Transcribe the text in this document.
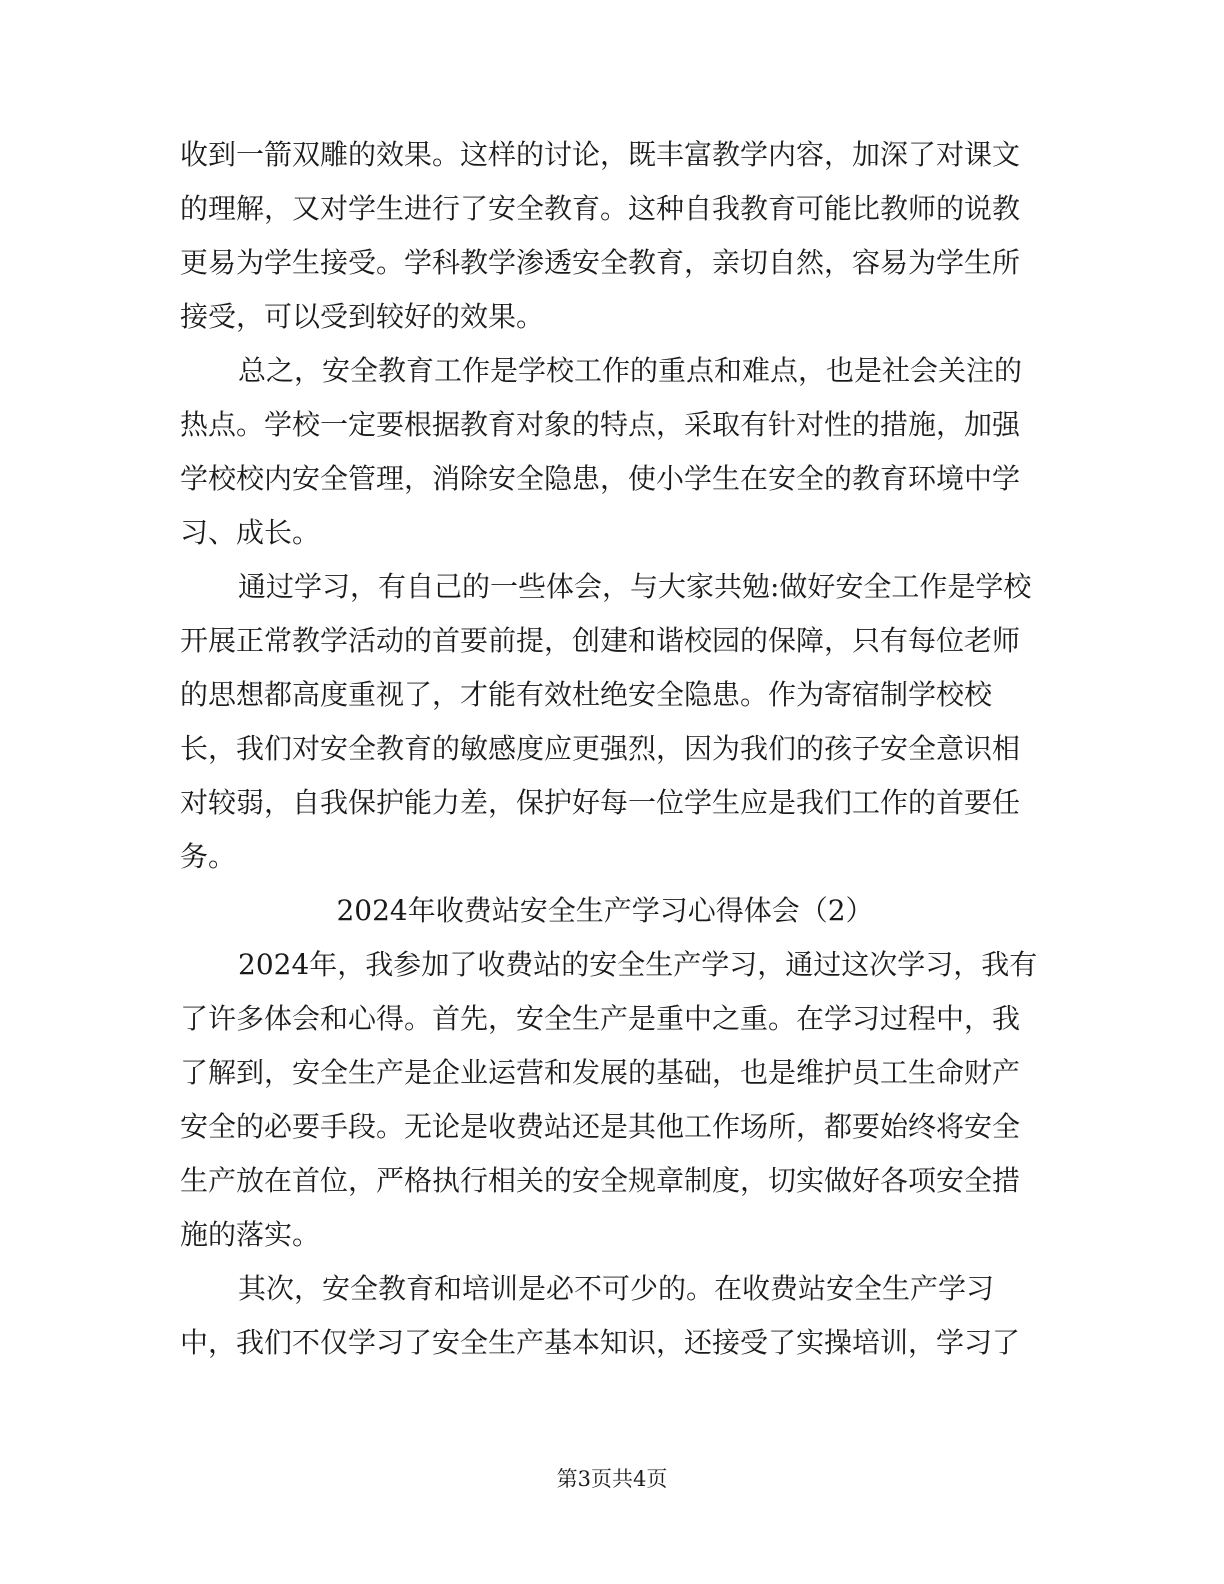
收到一箭双雕的效果。这样的讨论，既丰富教学内容，加深了对课文
的理解，又对学生进行了安全教育。这种自我教育可能比教师的说教
更易为学生接受。学科教学渗透安全教育，亲切自然，容易为学生所
接受，可以受到较好的效果。
总之，安全教育工作是学校工作的重点和难点，也是社会关注的
热点。学校一定要根据教育对象的特点，采取有针对性的措施，加强
学校校内安全管理，消除安全隐患，使小学生在安全的教育环境中学
习、成长。
通过学习，有自己的一些体会，与大家共勉:做好安全工作是学校
开展正常教学活动的首要前提，创建和谐校园的保障，只有每位老师
的思想都高度重视了，才能有效杜绝安全隐患。作为寄宿制学校校
长，我们对安全教育的敏感度应更强烈，因为我们的孩子安全意识相
对较弱，自我保护能力差，保护好每一位学生应是我们工作的首要任
务。
2024年收费站安全生产学习心得体会（2）
2024年，我参加了收费站的安全生产学习，通过这次学习，我有
了许多体会和心得。首先，安全生产是重中之重。在学习过程中，我
了解到，安全生产是企业运营和发展的基础，也是维护员工生命财产
安全的必要手段。无论是收费站还是其他工作场所，都要始终将安全
生产放在首位，严格执行相关的安全规章制度，切实做好各项安全措
施的落实。
其次，安全教育和培训是必不可少的。在收费站安全生产学习
中，我们不仅学习了安全生产基本知识，还接受了实操培训，学习了
第3页共4页
